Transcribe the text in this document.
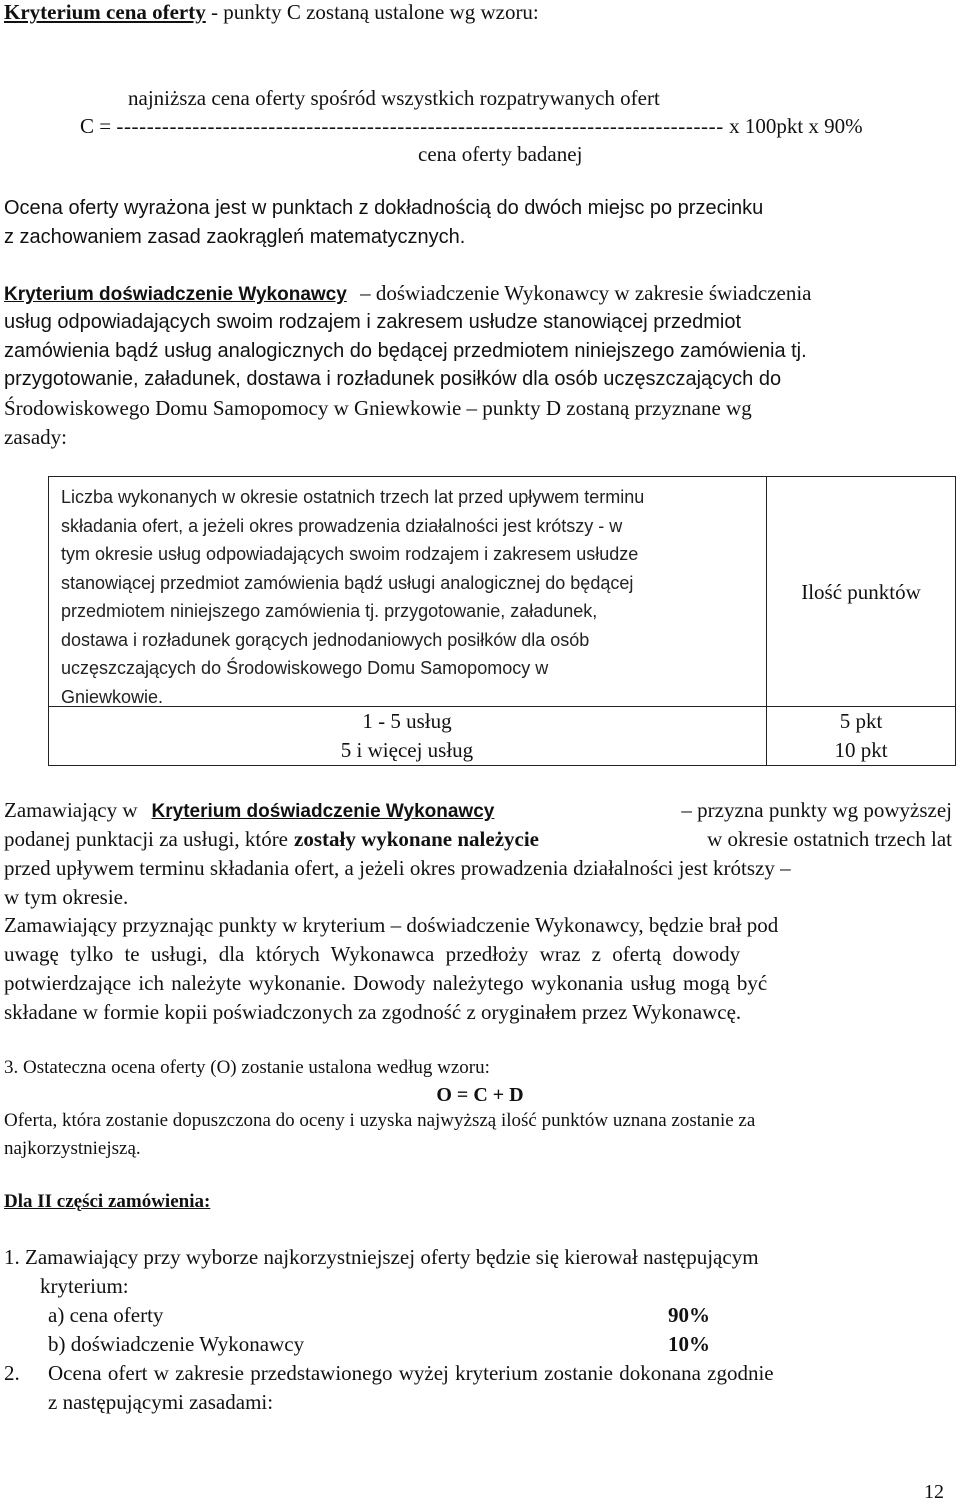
Kryterium cena oferty - punkty C zostaną ustalone wg wzoru:
najniższa cena oferty spośród wszystkich rozpatrywanych ofert
C = -------------------------------------------------------------------------------- x 100pkt x 90%
cena oferty badanej
Ocena oferty wyrażona jest w punktach z dokładnością do dwóch miejsc po przecinku
z zachowaniem zasad zaokrągleń matematycznych.
Kryterium doświadczenie Wykonawcy – doświadczenie Wykonawcy w zakresie świadczenia
usług odpowiadających swoim rodzajem i zakresem usłudze stanowiącej przedmiot
zamówienia bądź usług analogicznych do będącej przedmiotem niniejszego zamówienia tj.
przygotowanie, załadunek, dostawa i rozładunek posiłków dla osób uczęszczających do
Środowiskowego Domu Samopomocy w Gniewkowie – punkty D zostaną przyznane wg
zasady:
Liczba wykonanych w okresie ostatnich trzech lat przed upływem terminu
składania ofert, a jeżeli okres prowadzenia działalności jest krótszy - w
tym okresie usług odpowiadających swoim rodzajem i zakresem usłudze
stanowiącej przedmiot zamówienia bądź usługi analogicznej do będącej
przedmiotem niniejszego zamówienia tj. przygotowanie, załadunek,
dostawa i rozładunek gorących jednodaniowych posiłków dla osób
uczęszczających do Środowiskowego Domu Samopomocy w
Gniewkowie.
Ilość punktów
1 - 5 usług	5 pkt
5 i więcej usług	10 pkt
Zamawiający w Kryterium doświadczenie Wykonawcy	– przyzna punkty wg powyższej
podanej punktacji za usługi, które zostały wykonane należycie	w okresie ostatnich trzech lat
przed upływem terminu składania ofert, a jeżeli okres prowadzenia działalności jest krótszy –
w tym okresie.
Zamawiający przyznając punkty w kryterium – doświadczenie Wykonawcy, będzie brał pod
uwagę tylko te usługi, dla których Wykonawca przedłoży wraz z ofertą dowody
potwierdzające ich należyte wykonanie. Dowody należytego wykonania usług mogą być
składane w formie kopii poświadczonych za zgodność z oryginałem przez Wykonawcę.
3. Ostateczna ocena oferty (O) zostanie ustalona według wzoru:
O = C + D
Oferta, która zostanie dopuszczona do oceny i uzyska najwyższą ilość punktów uznana zostanie za
najkorzystniejszą.
Dla II części zamówienia:
1. Zamawiający przy wyborze najkorzystniejszej oferty będzie się kierował następującym
kryterium:
a) cena oferty	90%
b) doświadczenie Wykonawcy	10%
2. Ocena ofert w zakresie przedstawionego wyżej kryterium zostanie dokonana zgodnie
z następującymi zasadami:
12
